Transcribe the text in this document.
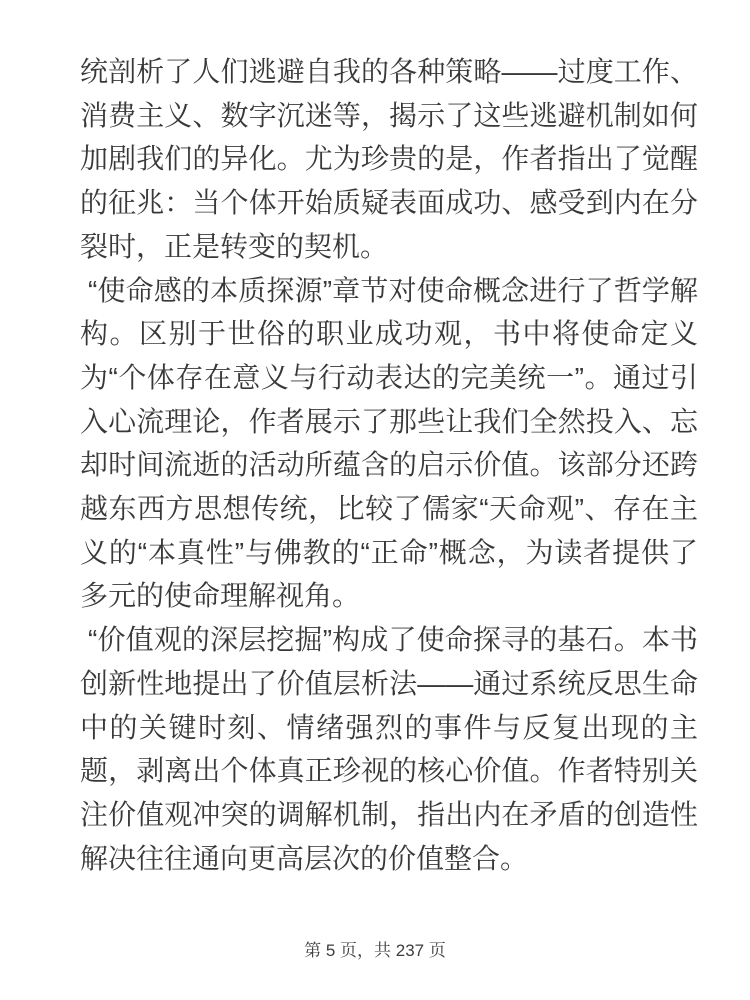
统剖析了人们逃避自我的各种策略——过度工作、消费主义、数字沉迷等，揭示了这些逃避机制如何加剧我们的异化。尤为珍贵的是，作者指出了觉醒的征兆：当个体开始质疑表面成功、感受到内在分裂时，正是转变的契机。

“使命感的本质探源”章节对使命概念进行了哲学解构。区别于世俗的职业成功观，书中将使命定义为“个体存在意义与行动表达的完美统一”。通过引入心流理论，作者展示了那些让我们全然投入、忘却时间流逝的活动所蕴含的启示价值。该部分还跨越东西方思想传统，比较了儒家“天命观”、存在主义的“本真性”与佛教的“正命”概念，为读者提供了多元的使命理解视角。

“价值观的深层挖掘”构成了使命探寻的基石。本书创新性地提出了价值层析法——通过系统反思生命中的关键时刻、情绪强烈的事件与反复出现的主题，剥离出个体真正珍视的核心价值。作者特别关注价值观冲突的调解机制，指出内在矛盾的创造性解决往往通向更高层次的价值整合。

第 5 页，共 237 页
